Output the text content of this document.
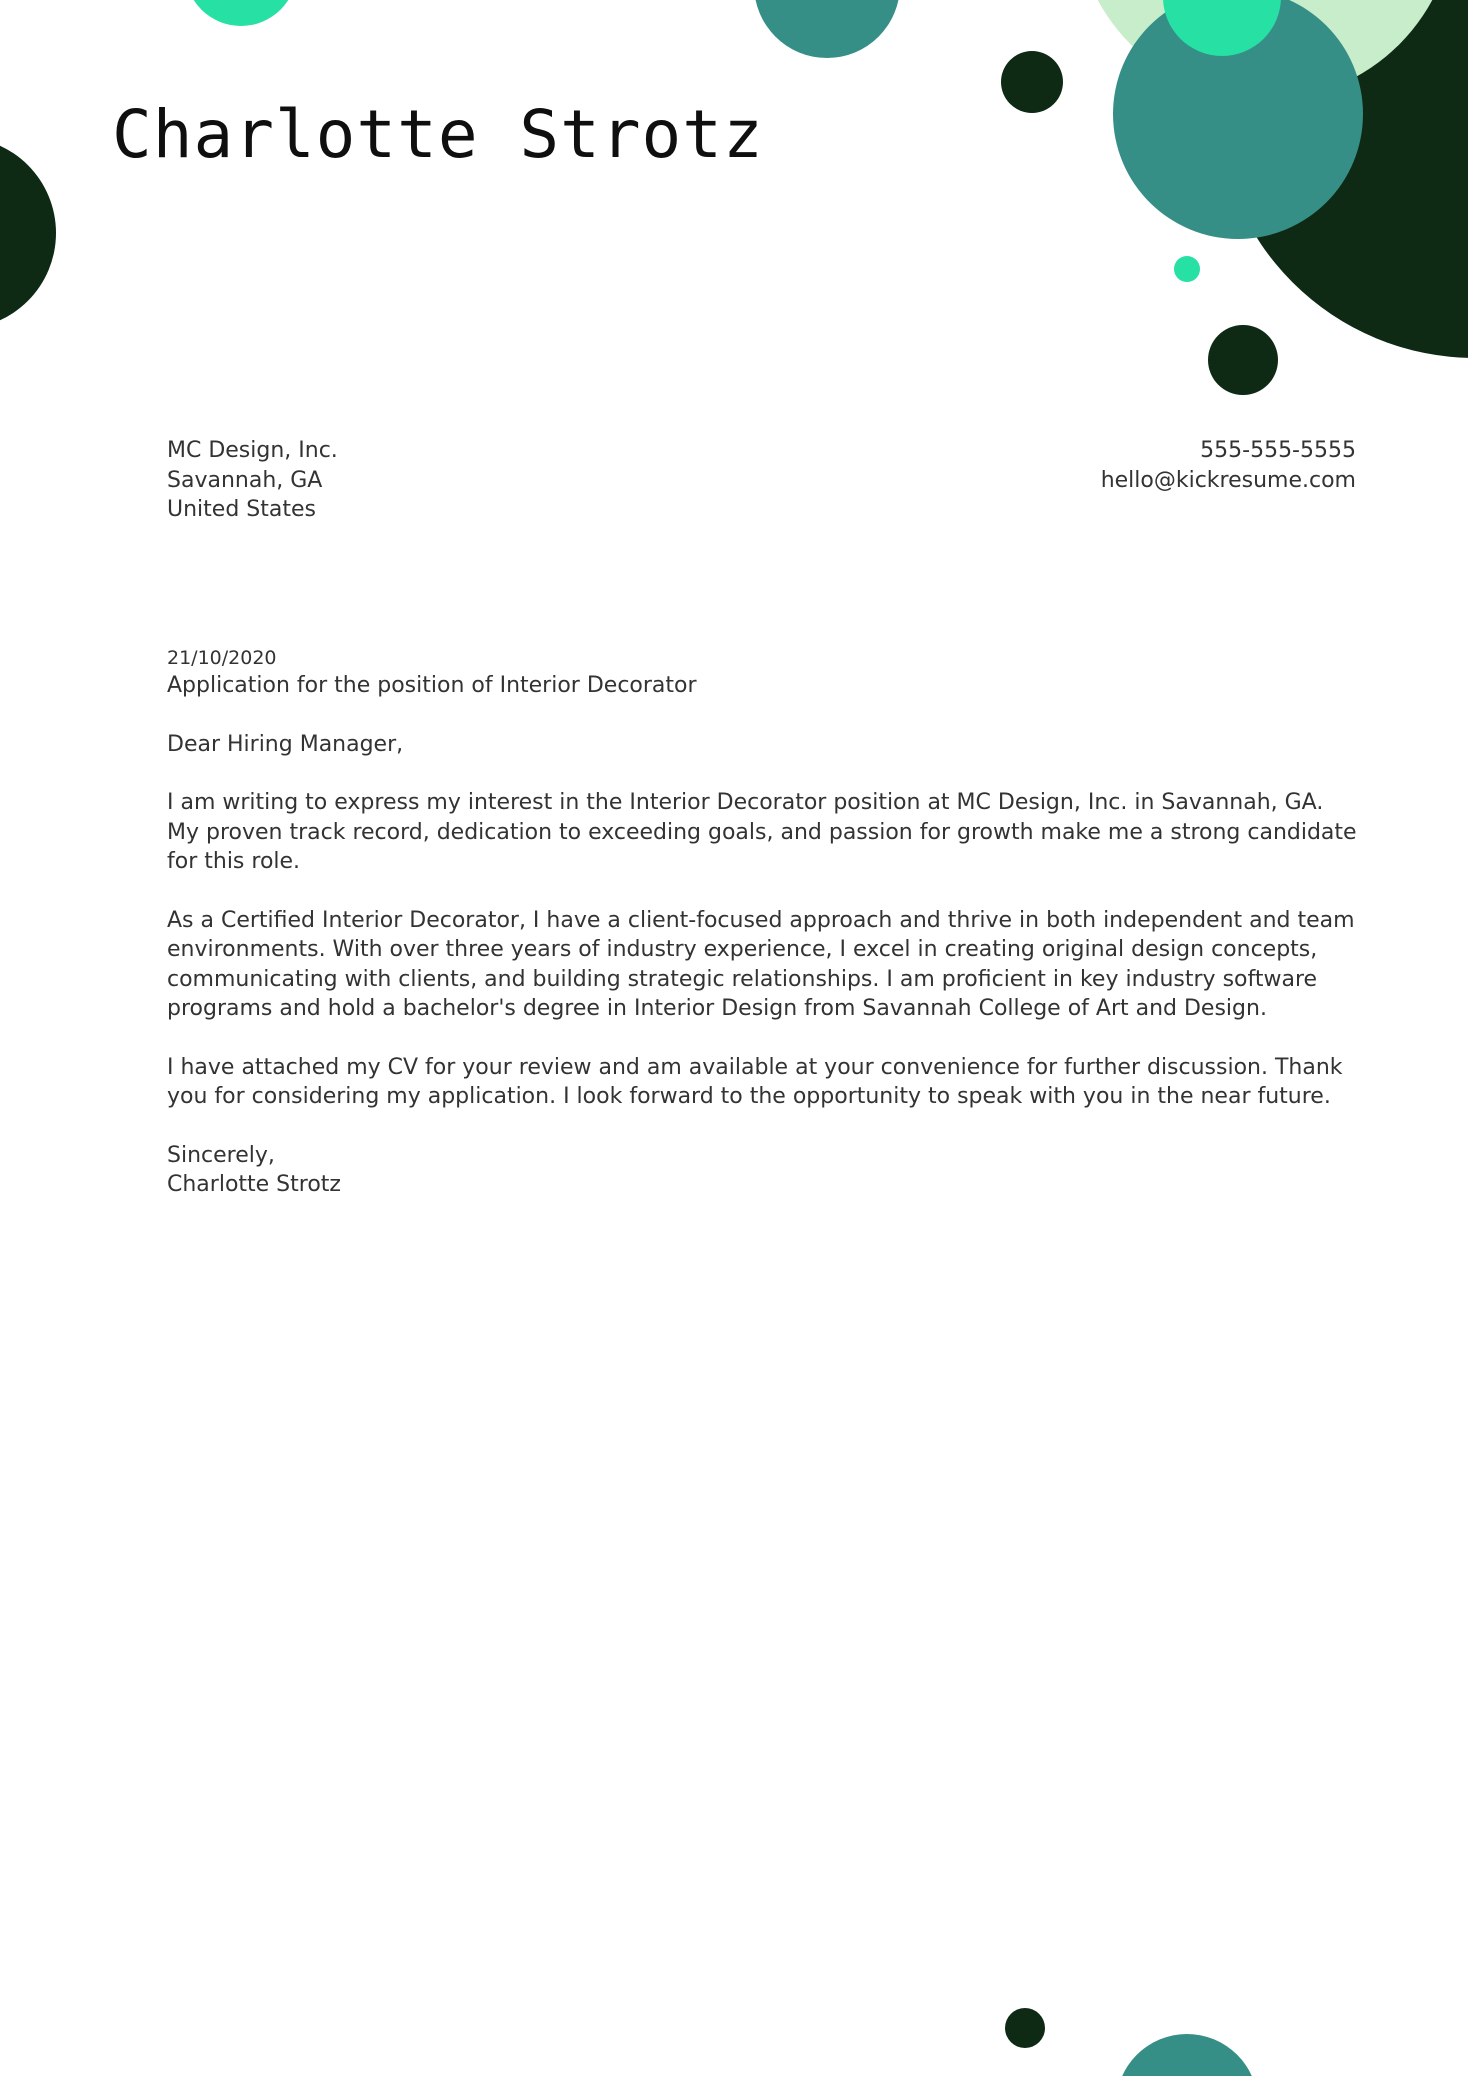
Charlotte Strotz
MC Design, Inc.
Savannah, GA
United States
555-555-5555
hello@kickresume.com
21/10/2020
Application for the position of Interior Decorator
Dear Hiring Manager,

I am writing to express my interest in the Interior Decorator position at MC Design, Inc. in Savannah, GA. My proven track record, dedication to exceeding goals, and passion for growth make me a strong candidate for this role.

As a Certified Interior Decorator, I have a client-focused approach and thrive in both independent and team environments. With over three years of industry experience, I excel in creating original design concepts, communicating with clients, and building strategic relationships. I am proficient in key industry software programs and hold a bachelor's degree in Interior Design from Savannah College of Art and Design.

I have attached my CV for your review and am available at your convenience for further discussion. Thank you for considering my application. I look forward to the opportunity to speak with you in the near future.

Sincerely,
Charlotte Strotz
